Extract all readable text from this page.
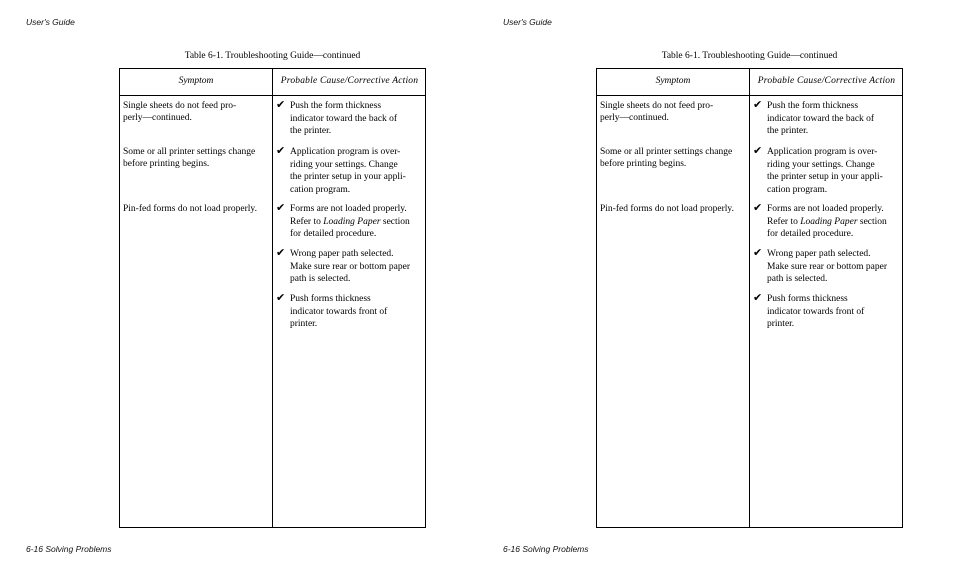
User's Guide
Table 6-1. Troubleshooting Guide—continued
Symptom	Probable Cause/Corrective Action
Single sheets do not feed pro-
perly—continued.
Some or all printer settings change
before printing begins.
Pin-fed forms do not load properly.
✔ Push the form thickness
indicator toward the back of
the printer.
✔ Application program is over-
riding your settings. Change
the printer setup in your appli-
cation program.
✔ Forms are not loaded properly.
Refer to Loading Paper section
for detailed procedure.
✔ Wrong paper path selected.
Make sure rear or bottom paper
path is selected.
✔ Push forms thickness
indicator towards front of
printer.
6-16 Solving Problems
User's Guide
Table 6-1. Troubleshooting Guide—continued
Symptom	Probable Cause/Corrective Action
Single sheets do not feed pro-
perly—continued.
Some or all printer settings change
before printing begins.
Pin-fed forms do not load properly.
✔ Push the form thickness
indicator toward the back of
the printer.
✔ Application program is over-
riding your settings. Change
the printer setup in your appli-
cation program.
✔ Forms are not loaded properly.
Refer to Loading Paper section
for detailed procedure.
✔ Wrong paper path selected.
Make sure rear or bottom paper
path is selected.
✔ Push forms thickness
indicator towards front of
printer.
6-16 Solving Problems
